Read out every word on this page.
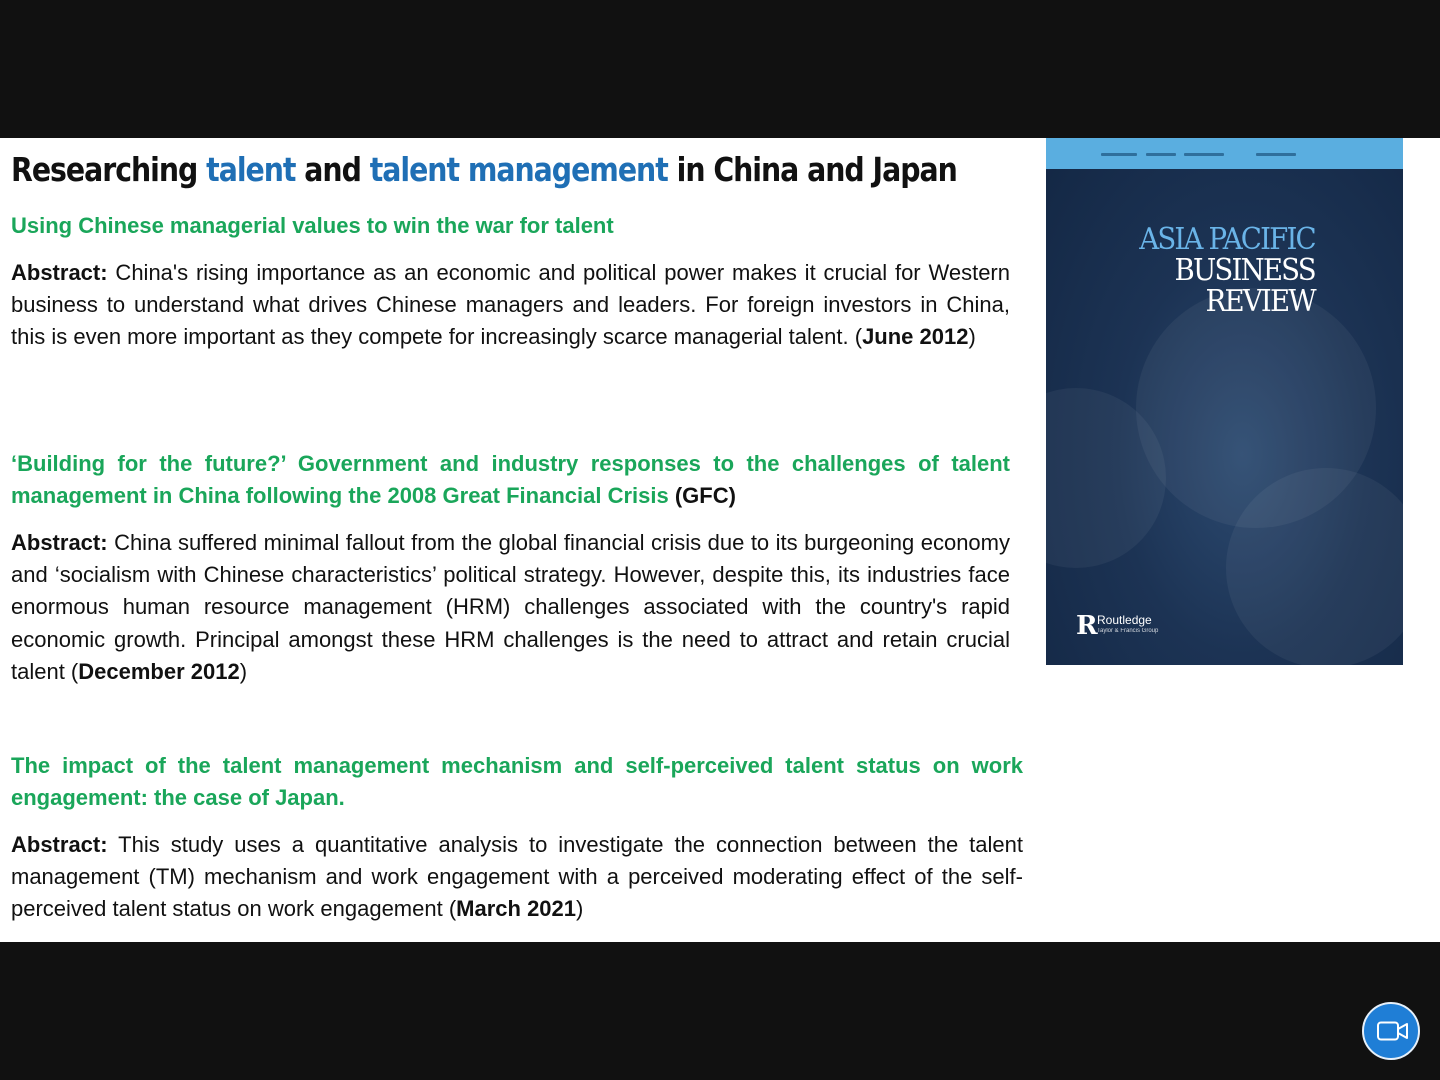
Researching talent and talent management in China and Japan
Using Chinese managerial values to win the war for talent

Abstract: China's rising importance as an economic and political power makes it crucial for Western business to understand what drives Chinese managers and leaders. For foreign investors in China, this is even more important as they compete for increasingly scarce managerial talent. (June 2012)

‘Building for the future?’ Government and industry responses to the challenges of talent management in China following the 2008 Great Financial Crisis (GFC)

Abstract: China suffered minimal fallout from the global financial crisis due to its burgeoning economy and ‘socialism with Chinese characteristics’ political strategy. However, despite this, its industries face enormous human resource management (HRM) challenges associated with the country's rapid economic growth. Principal amongst these HRM challenges is the need to attract and retain crucial talent (December 2012)

The impact of the talent management mechanism and self-perceived talent status on work engagement: the case of Japan.

Abstract: This study uses a quantitative analysis to investigate the connection between the talent management (TM) mechanism and work engagement with a perceived moderating effect of the self-perceived talent status on work engagement (March 2021)

ASIA PACIFIC
BUSINESS
REVIEW
R Routledge
Taylor & Francis Group
